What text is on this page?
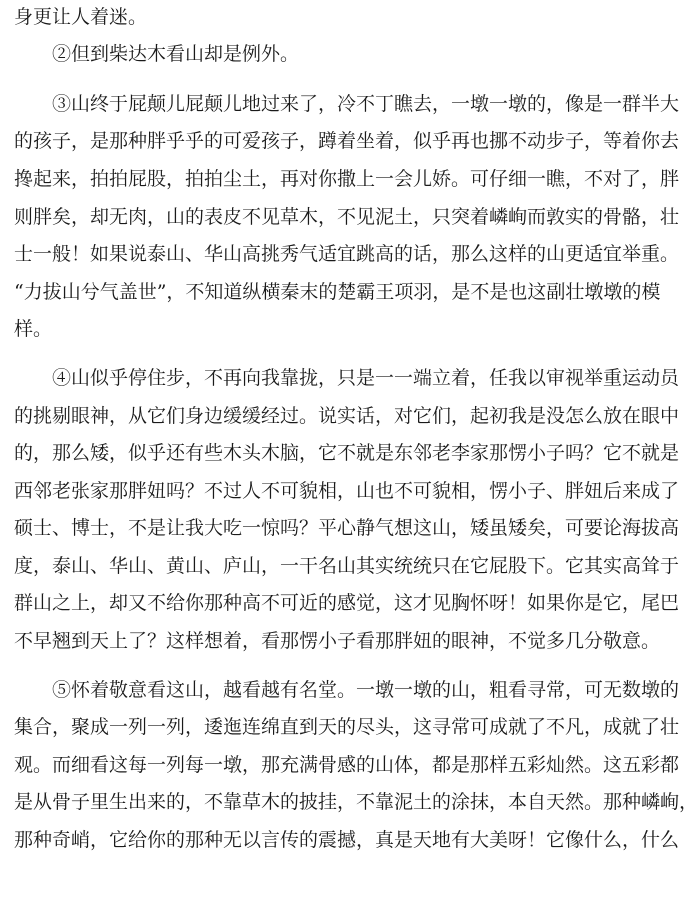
身更让人着迷。

②但到柴达木看山却是例外。

③山终于屁颠儿屁颠儿地过来了，冷不丁瞧去，一墩一墩的，像是一群半大

的孩子，是那种胖乎乎的可爱孩子，蹲着坐着，似乎再也挪不动步子，等着你去

搀起来，拍拍屁股，拍拍尘土，再对你撒上一会儿娇。可仔细一瞧，不对了，胖

则胖矣，却无肉，山的表皮不见草木，不见泥土，只突着嶙峋而敦实的骨骼，壮

士一般！如果说泰山、华山高挑秀气适宜跳高的话，那么这样的山更适宜举重。

“力拔山兮气盖世”，不知道纵横秦末的楚霸王项羽，是不是也这副壮墩墩的模

样。

④山似乎停住步，不再向我靠拢，只是一一端立着，任我以审视举重运动员

的挑剔眼神，从它们身边缓缓经过。说实话，对它们，起初我是没怎么放在眼中

的，那么矮，似乎还有些木头木脑，它不就是东邻老李家那愣小子吗？它不就是

西邻老张家那胖妞吗？不过人不可貌相，山也不可貌相，愣小子、胖妞后来成了

硕士、博士，不是让我大吃一惊吗？平心静气想这山，矮虽矮矣，可要论海拔高

度，泰山、华山、黄山、庐山，一干名山其实统统只在它屁股下。它其实高耸于

群山之上，却又不给你那种高不可近的感觉，这才见胸怀呀！如果你是它，尾巴

不早翘到天上了？这样想着，看那愣小子看那胖妞的眼神，不觉多几分敬意。

⑤怀着敬意看这山，越看越有名堂。一墩一墩的山，粗看寻常，可无数墩的

集合，聚成一列一列，逶迤连绵直到天的尽头，这寻常可成就了不凡，成就了壮

观。而细看这每一列每一墩，那充满骨感的山体，都是那样五彩灿然。这五彩都

是从骨子里生出来的，不靠草木的披挂，不靠泥土的涂抹，本自天然。那种嶙峋，

那种奇峭，它给你的那种无以言传的震撼，真是天地有大美呀！它像什么，什么
